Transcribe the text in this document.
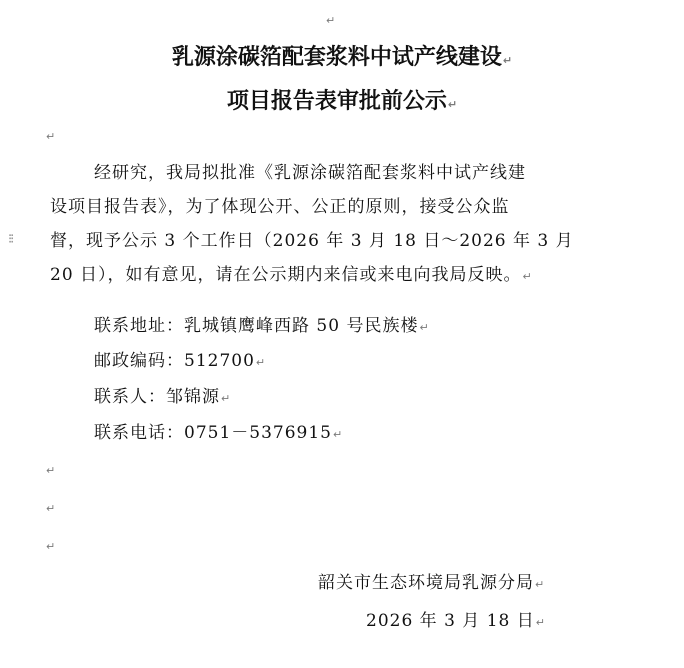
↵
乳源涂碳箔配套浆料中试产线建设↵
项目报告表审批前公示↵
↵
⁝⁝
经研究，我局拟批准《乳源涂碳箔配套浆料中试产线建
设项目报告表》，为了体现公开、公正的原则，接受公众监
督，现予公示 3 个工作日（2026 年 3 月 18 日～2026 年 3 月
20 日），如有意见，请在公示期内来信或来电向我局反映。↵
联系地址：乳城镇鹰峰西路 50 号民族楼↵
邮政编码：512700↵
联系人：邹锦源↵
联系电话：0751－5376915↵
↵
↵
↵
韶关市生态环境局乳源分局↵
2026 年 3 月 18 日↵
